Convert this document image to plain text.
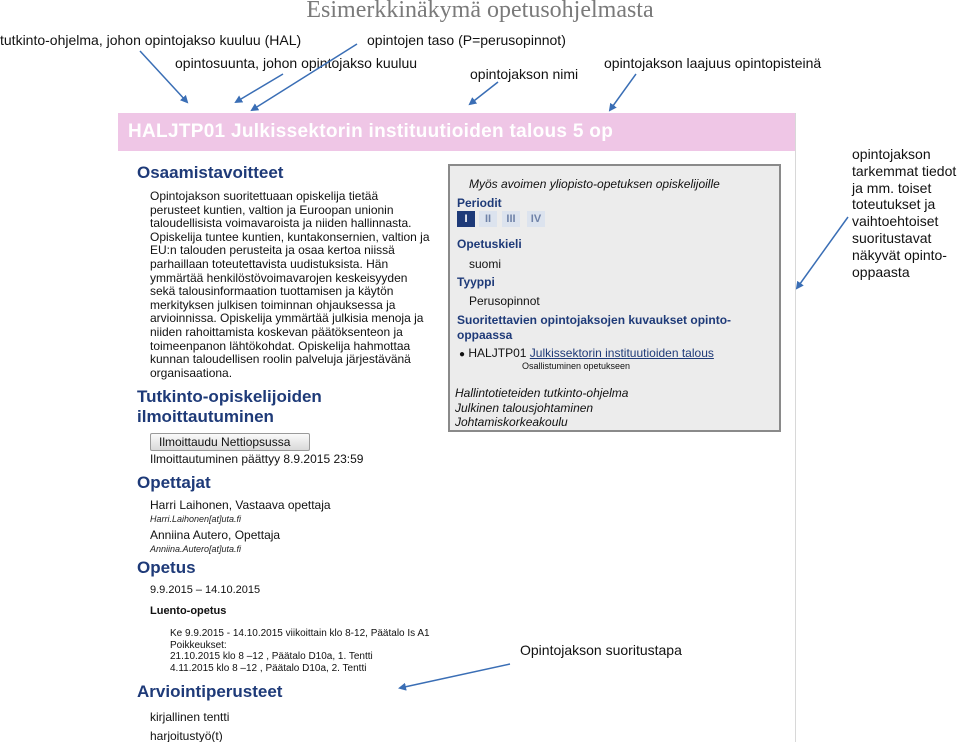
Esimerkkinäkymä opetusohjelmasta
tutkinto-ohjelma, johon opintojakso kuuluu (HAL)	opintojen taso (P=perusopinnot)
opintosuunta, johon opintojakso kuuluu
opintojakson nimi
opintojakson laajuus opintopisteinä
opintojakson
tarkemmat tiedot
ja mm. toiset
toteutukset ja
vaihtoehtoiset
suoritustavat
näkyvät opinto-
oppaasta
HALJTP01 Julkissektorin instituutioiden talous 5 op
Osaamistavoitteet
Opintojakson suoritettuaan opiskelija tietää
perusteet kuntien, valtion ja Euroopan unionin
taloudellisista voimavaroista ja niiden hallinnasta.
Opiskelija tuntee kuntien, kuntakonsernien, valtion ja
EU:n talouden perusteita ja osaa kertoa niissä
parhaillaan toteutettavista uudistuksista. Hän
ymmärtää henkilöstövoimavarojen keskeisyyden
sekä talousinformaation tuottamisen ja käytön
merkityksen julkisen toiminnan ohjauksessa ja
arvioinnissa. Opiskelija ymmärtää julkisia menoja ja
niiden rahoittamista koskevan päätöksenteon ja
toimeenpanon lähtökohdat. Opiskelija hahmottaa
kunnan taloudellisen roolin palveluja järjestävänä
organisaationa.
Tutkinto-opiskelijoiden
ilmoittautuminen
Ilmoittaudu Nettiopsussa
Ilmoittautuminen päättyy 8.9.2015 23:59
Opettajat
Harri Laihonen, Vastaava opettaja
Harri.Laihonen[at]uta.fi
Anniina Autero, Opettaja
Anniina.Autero[at]uta.fi
Opetus
9.9.2015 – 14.10.2015
Luento-opetus
Ke 9.9.2015 - 14.10.2015 viikoittain klo 8-12, Päätalo Is A1
Poikkeukset:
21.10.2015 klo 8 –12 , Päätalo D10a, 1. Tentti
4.11.2015 klo 8 –12 , Päätalo D10a, 2. Tentti
Arviointiperusteet
kirjallinen tentti
harjoitustyö(t)
Myös avoimen yliopisto-opetuksen opiskelijoille
Periodit
I	II	III	IV
Opetuskieli
suomi
Tyyppi
Perusopinnot
Suoritettavien opintojaksojen kuvaukset opinto-
oppaassa
● HALJTP01 Julkissektorin instituutioiden talous
Osallistuminen opetukseen
Hallintotieteiden tutkinto-ohjelma
Julkinen talousjohtaminen
Johtamiskorkeakoulu
Opintojakson suoritustapa
